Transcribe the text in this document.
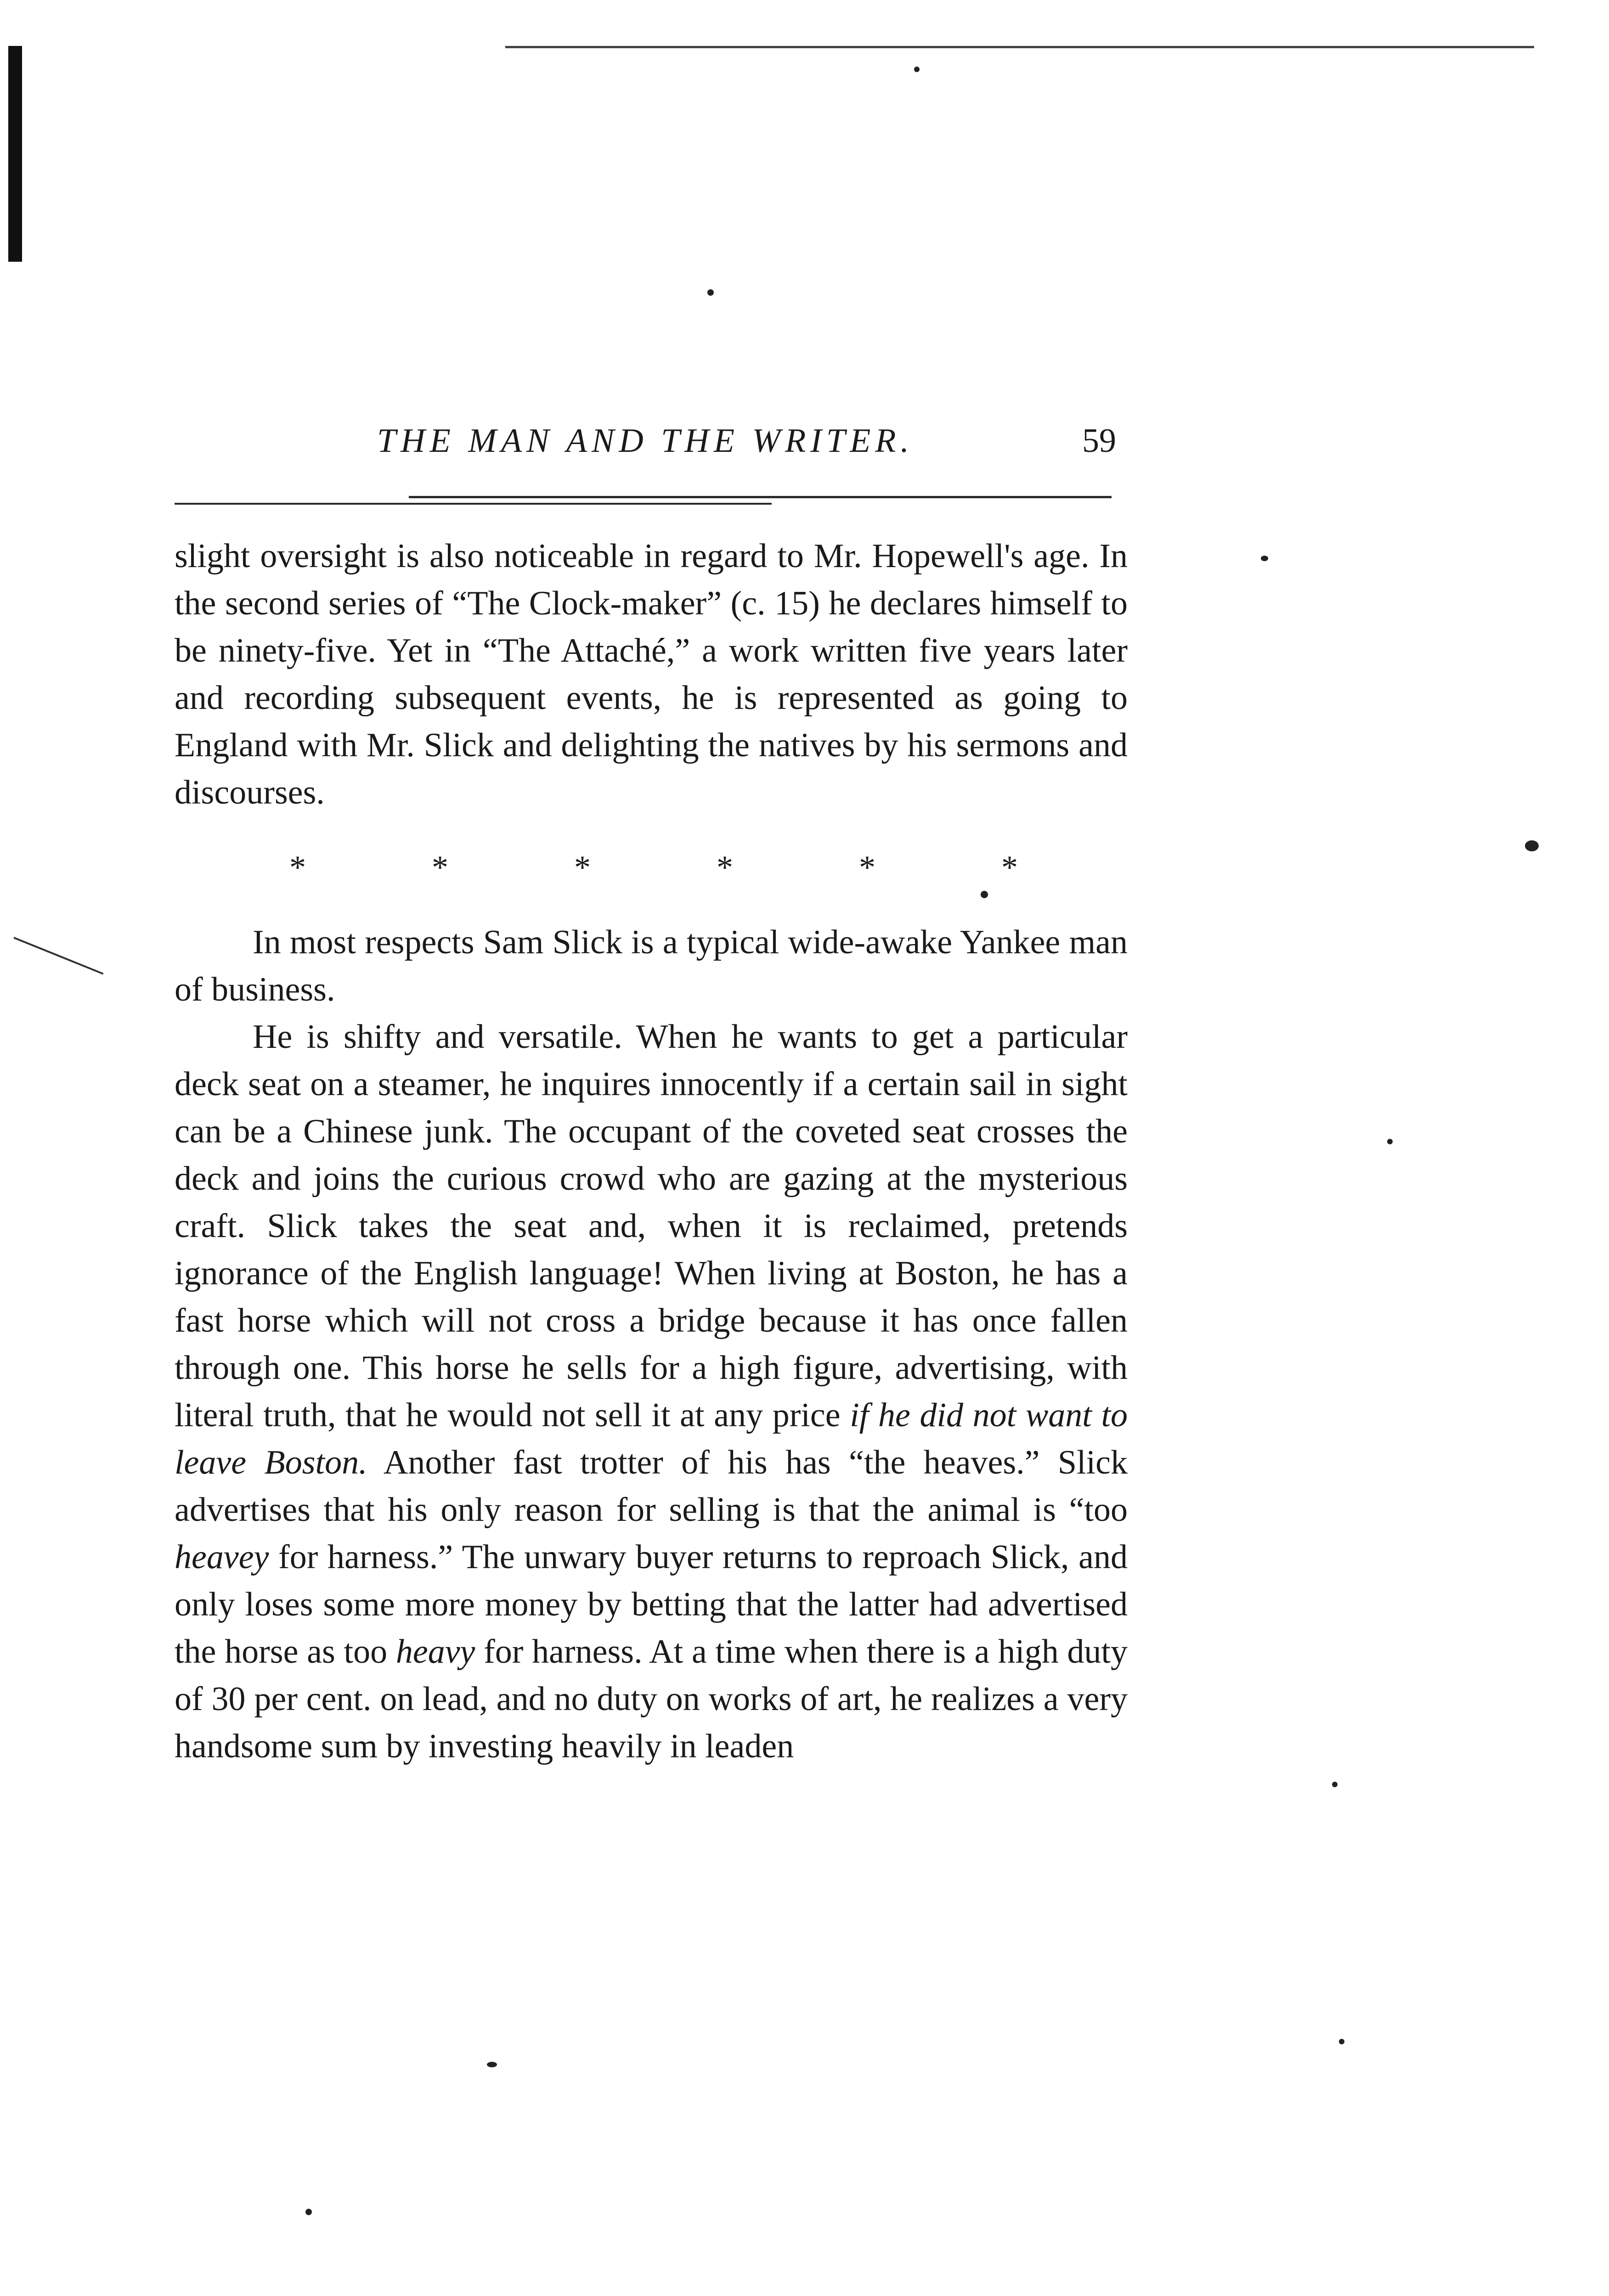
THE MAN AND THE WRITER.	59

slight oversight is also noticeable in regard to Mr. Hopewell's age. In the second series of “The Clock-maker” (c. 15) he declares himself to be ninety-five. Yet in “The Attaché,” a work written five years later and recording subsequent events, he is represented as going to England with Mr. Slick and delighting the natives by his sermons and discourses.

*	*	*	*	*	*

In most respects Sam Slick is a typical wide-awake Yankee man of business.

He is shifty and versatile. When he wants to get a particular deck seat on a steamer, he inquires innocently if a certain sail in sight can be a Chinese junk. The occupant of the coveted seat crosses the deck and joins the curious crowd who are gazing at the mysterious craft. Slick takes the seat and, when it is reclaimed, pretends ignorance of the English language! When living at Boston, he has a fast horse which will not cross a bridge because it has once fallen through one. This horse he sells for a high figure, advertising, with literal truth, that he would not sell it at any price if he did not want to leave Boston. Another fast trotter of his has “the heaves.” Slick advertises that his only reason for selling is that the animal is “too heavey for harness.” The unwary buyer returns to reproach Slick, and only loses some more money by betting that the latter had advertised the horse as too heavy for harness. At a time when there is a high duty of 30 per cent. on lead, and no duty on works of art, he realizes a very handsome sum by investing heavily in leaden
